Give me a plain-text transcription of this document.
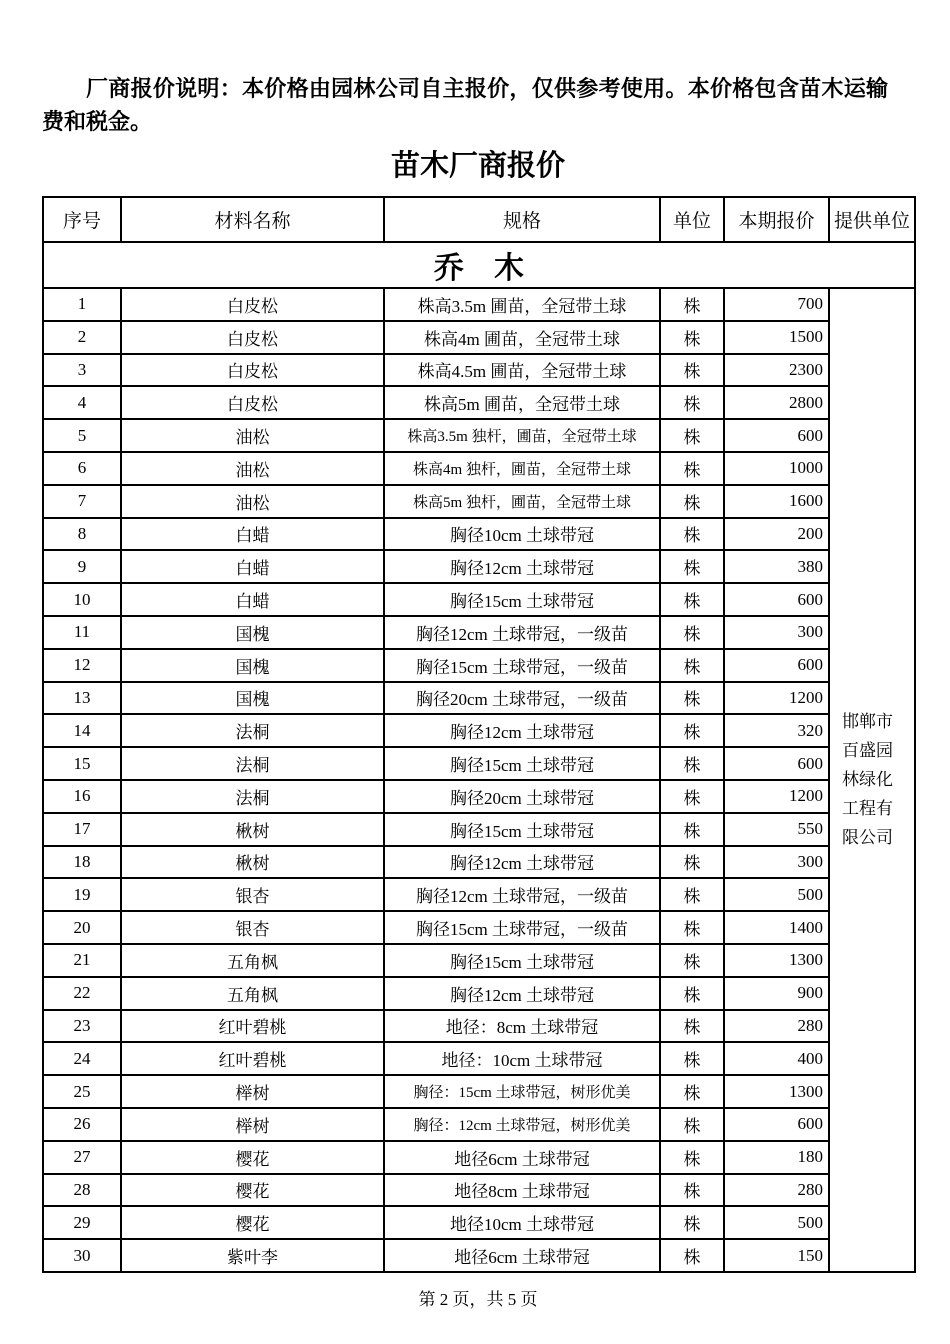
厂商报价说明：本价格由园林公司自主报价，仅供参考使用。本价格包含苗木运输费和税金。

苗木厂商报价
序号	材料名称	规格	单位	本期报价	提供单位
乔　木					
1	白皮松	株高3.5m 圃苗，全冠带土球	株	700	邯郸市百盛园林绿化工程有限公司
2	白皮松	株高4m 圃苗，全冠带土球	株	1500	
3	白皮松	株高4.5m 圃苗，全冠带土球	株	2300	
4	白皮松	株高5m 圃苗，全冠带土球	株	2800	
5	油松	株高3.5m 独杆，圃苗，全冠带土球	株	600	
6	油松	株高4m 独杆，圃苗，全冠带土球	株	1000	
7	油松	株高5m 独杆，圃苗，全冠带土球	株	1600	
8	白蜡	胸径10cm 土球带冠	株	200	
9	白蜡	胸径12cm 土球带冠	株	380	
10	白蜡	胸径15cm 土球带冠	株	600	
11	国槐	胸径12cm 土球带冠，一级苗	株	300	
12	国槐	胸径15cm 土球带冠，一级苗	株	600	
13	国槐	胸径20cm 土球带冠，一级苗	株	1200	
14	法桐	胸径12cm 土球带冠	株	320	
15	法桐	胸径15cm 土球带冠	株	600	
16	法桐	胸径20cm 土球带冠	株	1200	
17	楸树	胸径15cm 土球带冠	株	550	
18	楸树	胸径12cm 土球带冠	株	300	
19	银杏	胸径12cm 土球带冠，一级苗	株	500	
20	银杏	胸径15cm 土球带冠，一级苗	株	1400	
21	五角枫	胸径15cm 土球带冠	株	1300	
22	五角枫	胸径12cm 土球带冠	株	900	
23	红叶碧桃	地径：8cm 土球带冠	株	280	
24	红叶碧桃	地径：10cm 土球带冠	株	400	
25	榉树	胸径：15cm 土球带冠，树形优美	株	1300	
26	榉树	胸径：12cm 土球带冠，树形优美	株	600	
27	樱花	地径6cm 土球带冠	株	180	
28	樱花	地径8cm 土球带冠	株	280	
29	樱花	地径10cm 土球带冠	株	500	
30	紫叶李	地径6cm 土球带冠	株	150	
第 2 页，共 5 页
